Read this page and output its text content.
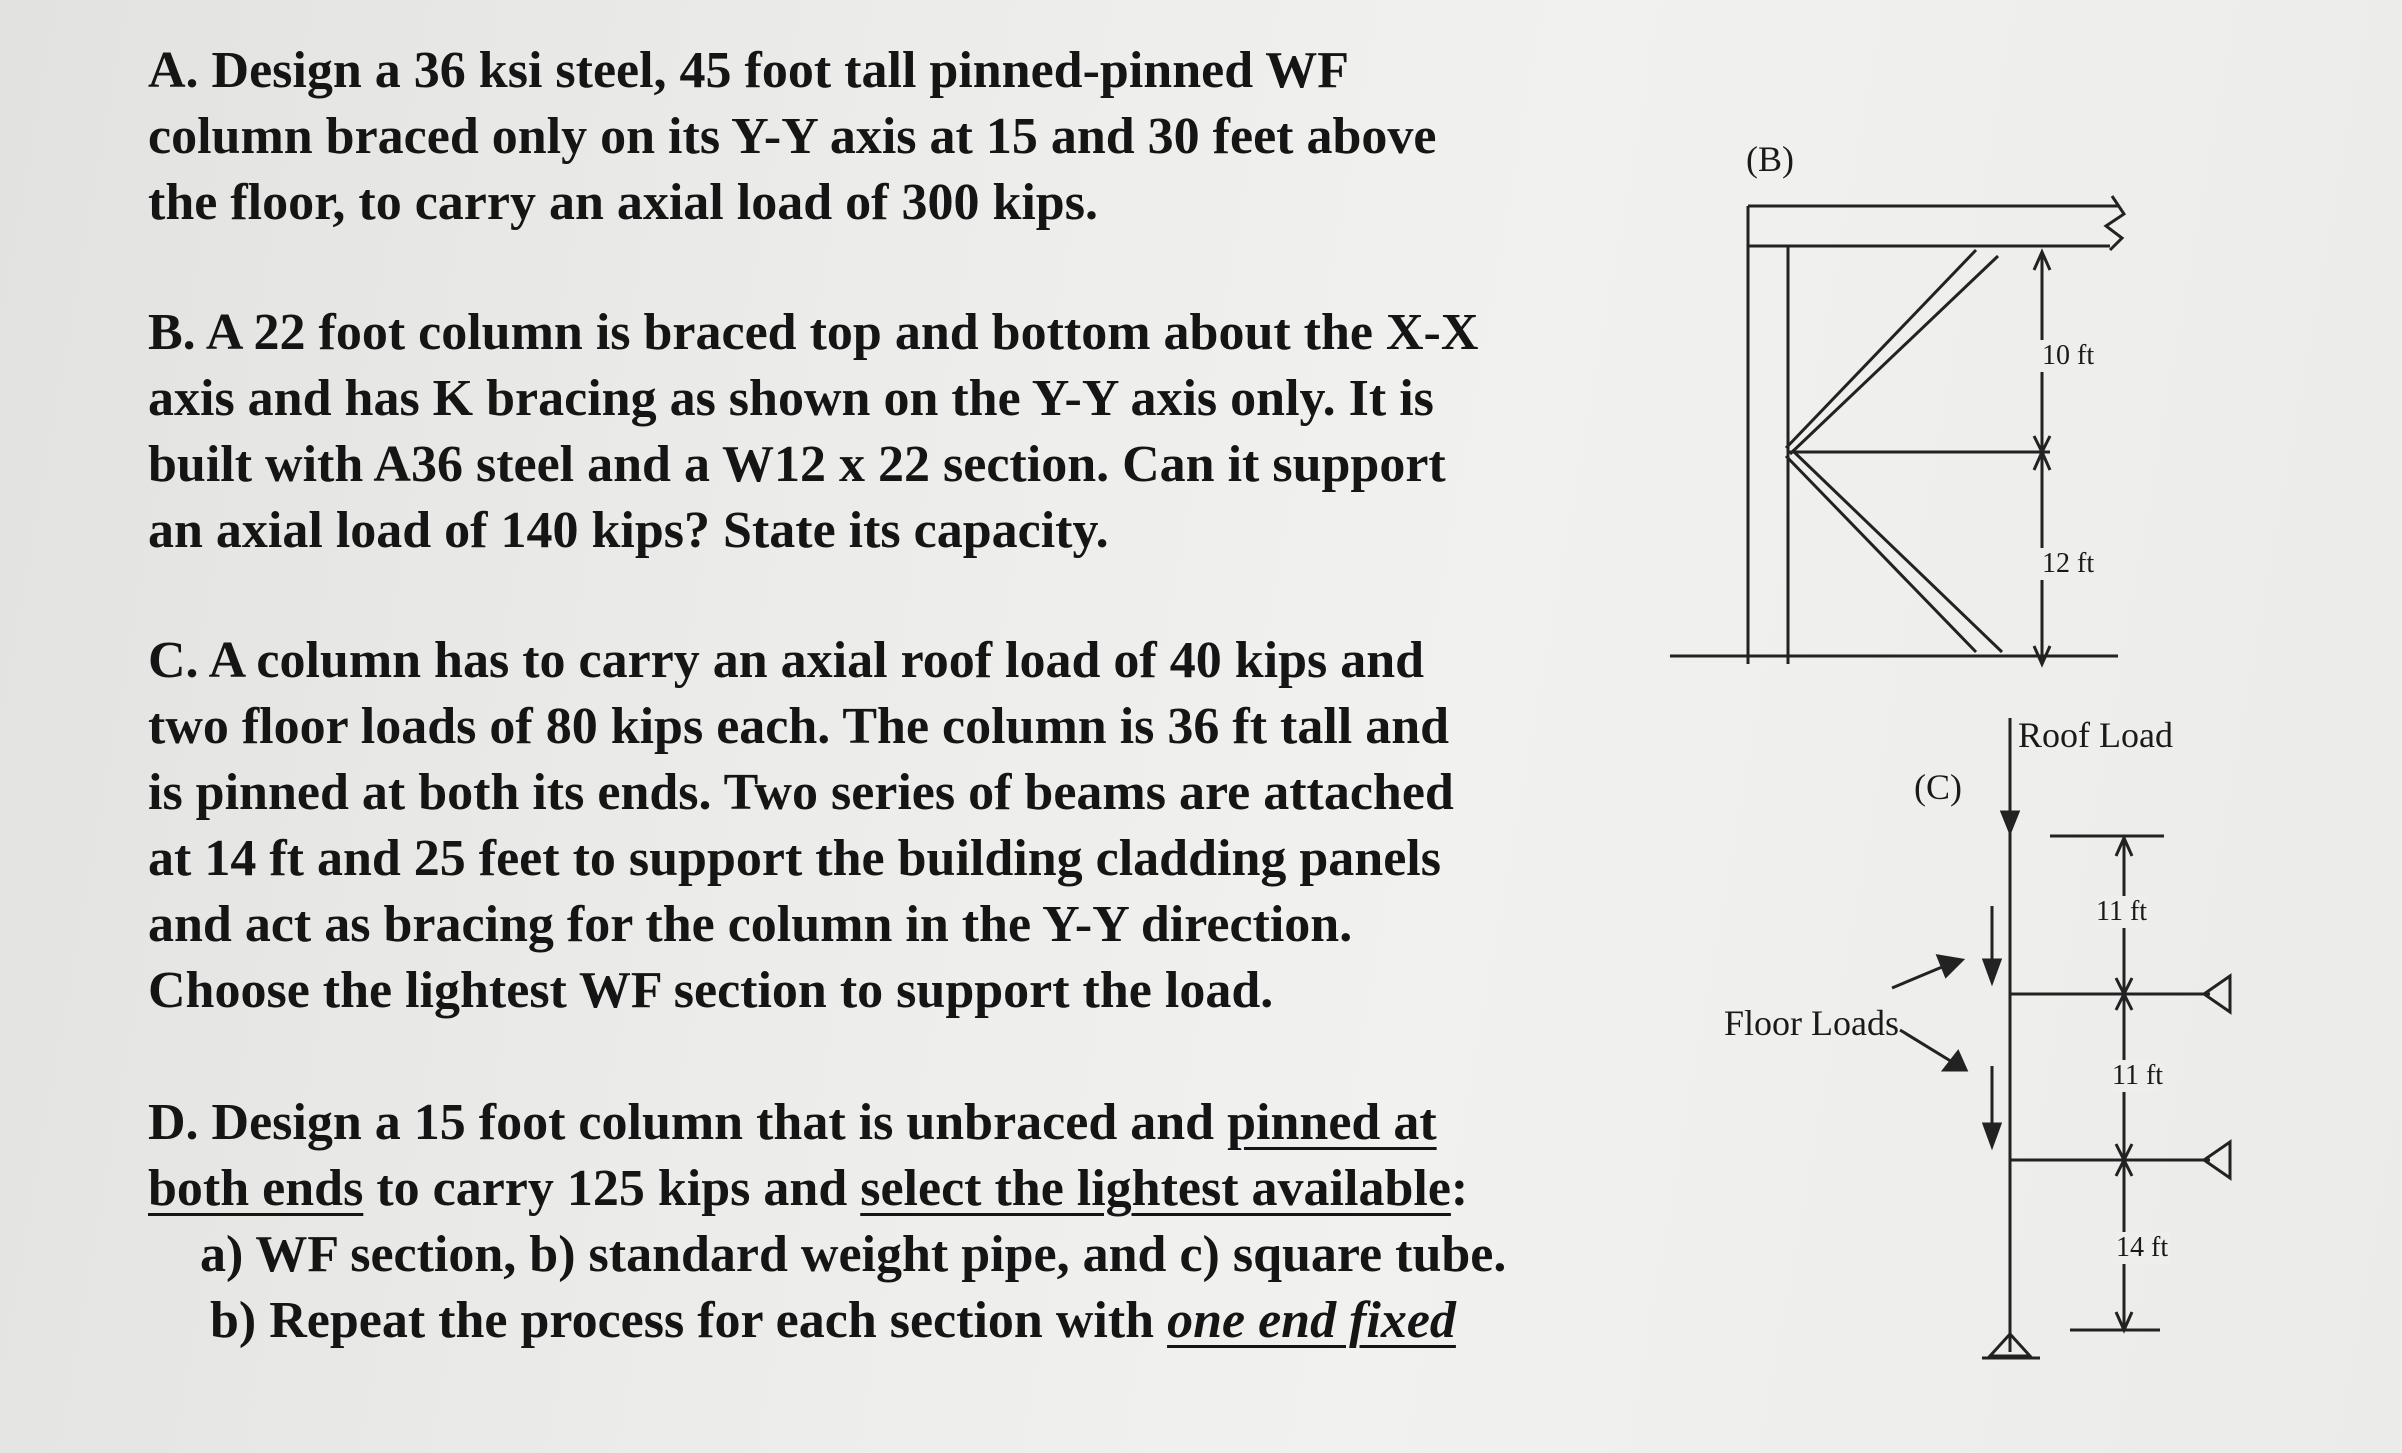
A. Design a 36 ksi steel, 45 foot tall pinned-pinned WF
column braced only on its Y-Y axis at 15 and 30 feet above
the floor, to carry an axial load of 300 kips.
B. A 22 foot column is braced top and bottom about the X-X
axis and has K bracing as shown on the Y-Y axis only. It is
built with A36 steel and a W12 x 22 section. Can it support
an axial load of 140 kips? State its capacity.
C. A column has to carry an axial roof load of 40 kips and
two floor loads of 80 kips each. The column is 36 ft tall and
is pinned at both its ends. Two series of beams are attached
at 14 ft and 25 feet to support the building cladding panels
and act as bracing for the column in the Y-Y direction.
Choose the lightest WF section to support the load.
D. Design a 15 foot column that is unbraced and pinned at
both ends to carry 125 kips and select the lightest available:
a) WF section, b) standard weight pipe, and c) square tube.
b) Repeat the process for each section with one end fixed
(B)
10 ft
12 ft
Roof Load
(C)
Floor Loads
11 ft
11 ft
14 ft
